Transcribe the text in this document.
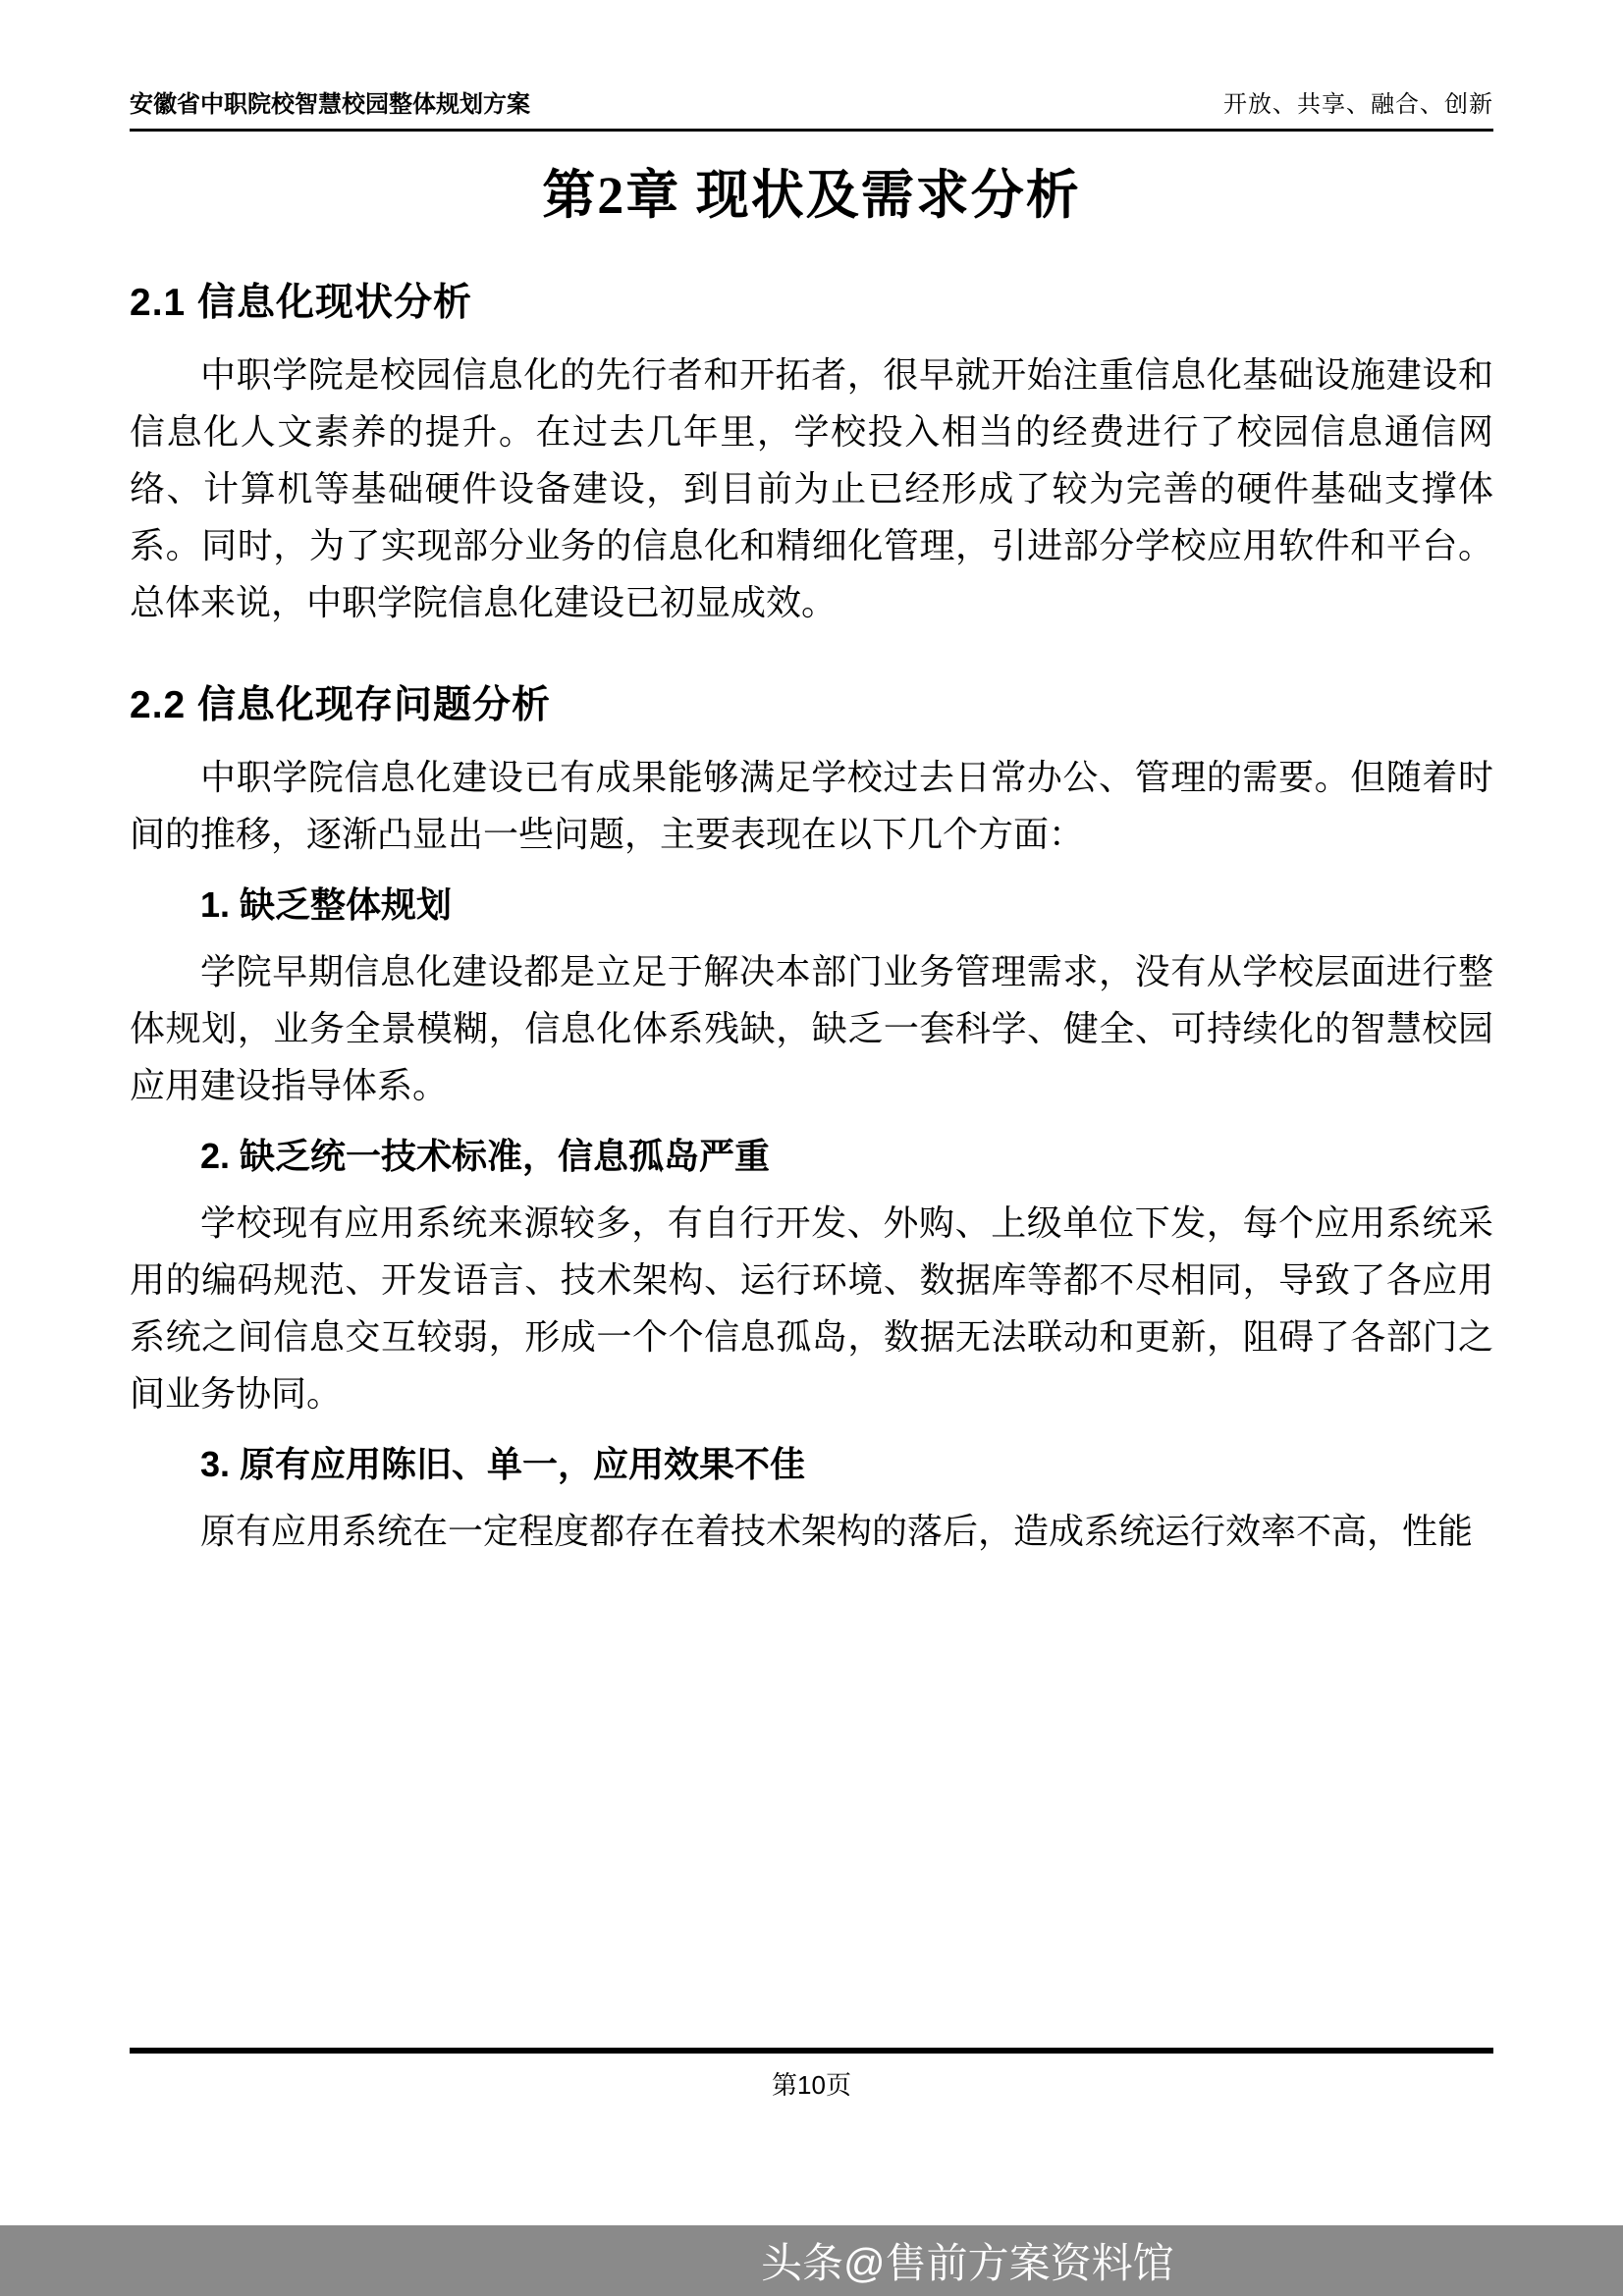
安徽省中职院校智慧校园整体规划方案	开放、共享、融合、创新
第2章 现状及需求分析
2.1 信息化现状分析

中职学院是校园信息化的先行者和开拓者，很早就开始注重信息化基础设施建设和信息化人文素养的提升。在过去几年里，学校投入相当的经费进行了校园信息通信网络、计算机等基础硬件设备建设，到目前为止已经形成了较为完善的硬件基础支撑体系。同时，为了实现部分业务的信息化和精细化管理，引进部分学校应用软件和平台。总体来说，中职学院信息化建设已初显成效。

2.2 信息化现存问题分析

中职学院信息化建设已有成果能够满足学校过去日常办公、管理的需要。但随着时间的推移，逐渐凸显出一些问题，主要表现在以下几个方面：

1. 缺乏整体规划

学院早期信息化建设都是立足于解决本部门业务管理需求，没有从学校层面进行整体规划，业务全景模糊，信息化体系残缺，缺乏一套科学、健全、可持续化的智慧校园应用建设指导体系。

2. 缺乏统一技术标准，信息孤岛严重

学校现有应用系统来源较多，有自行开发、外购、上级单位下发，每个应用系统采用的编码规范、开发语言、技术架构、运行环境、数据库等都不尽相同，导致了各应用系统之间信息交互较弱，形成一个个信息孤岛，数据无法联动和更新，阻碍了各部门之间业务协同。

3. 原有应用陈旧、单一，应用效果不佳

原有应用系统在一定程度都存在着技术架构的落后，造成系统运行效率不高，性能

第10页
头条@售前方案资料馆
